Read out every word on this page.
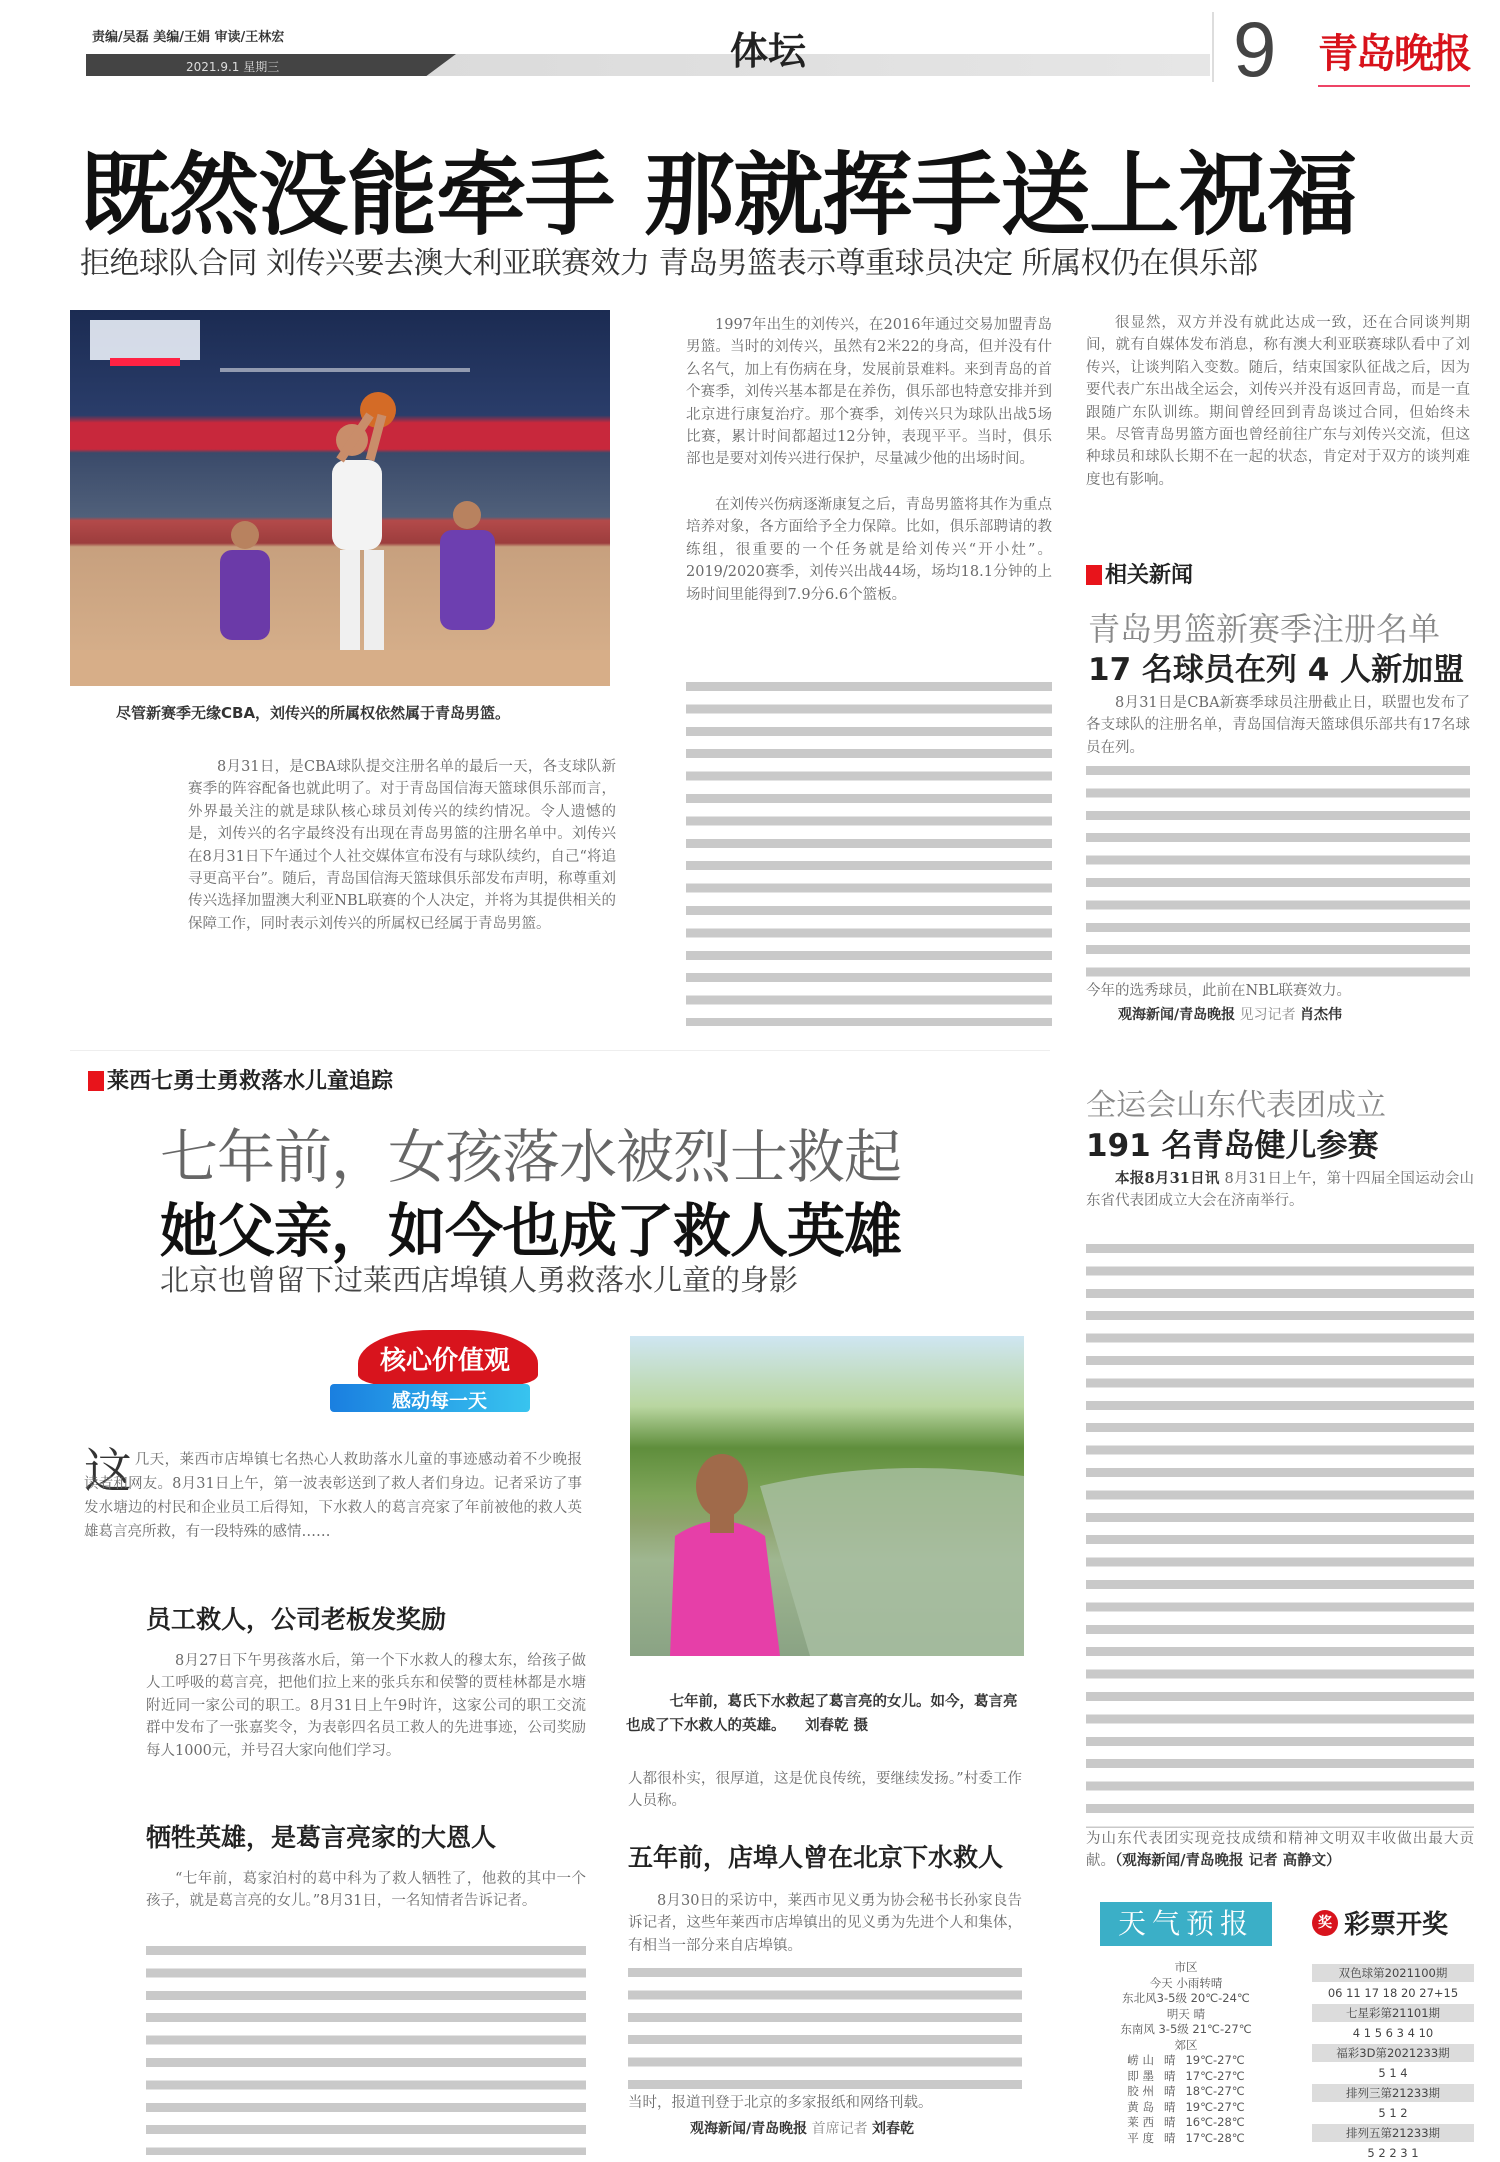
责编/吴磊 美编/王娟 审读/王林宏
2021.9.1 星期三	体坛	9 青岛晚报
既然没能牵手 那就挥手送上祝福
拒绝球队合同 刘传兴要去澳大利亚联赛效力 青岛男篮表示尊重球员决定 所属权仍在俱乐部
尽管新赛季无缘CBA，刘传兴的所属权依然属于青岛男篮。
8月31日，是CBA球队提交注册名单的最后一天，各支球队新赛季的阵容配备也就此明了。对于青岛国信海天篮球俱乐部而言，外界最关注的就是球队核心球员刘传兴的续约情况。令人遗憾的是，刘传兴的名字最终没有出现在青岛男篮的注册名单中。刘传兴在8月31日下午通过个人社交媒体宣布没有与球队续约，自己“将追寻更高平台”。随后，青岛国信海天篮球俱乐部发布声明，称尊重刘传兴选择加盟澳大利亚NBL联赛的个人决定，并将为其提供相关的保障工作，同时表示刘传兴的所属权已经属于青岛男篮。
1997年出生的刘传兴，在2016年通过交易加盟青岛男篮。当时的刘传兴，虽然有2米22的身高，但并没有什么名气，加上有伤病在身，发展前景难料。来到青岛的首个赛季，刘传兴基本都是在养伤，俱乐部也特意安排并到北京进行康复治疗。那个赛季，刘传兴只为球队出战5场比赛，累计时间都超过12分钟，表现平平。当时，俱乐部也是要对刘传兴进行保护，尽量减少他的出场时间。
在刘传兴伤病逐渐康复之后，青岛男篮将其作为重点培养对象，各方面给予全力保障。比如，俱乐部聘请的教练组，很重要的一个任务就是给刘传兴“开小灶”。2019/2020赛季，刘传兴出战44场，场均18.1分钟的上场时间里能得到7.9分6.6个篮板。
很显然，双方并没有就此达成一致，还在合同谈判期间，就有自媒体发布消息，称有澳大利亚联赛球队看中了刘传兴，让谈判陷入变数。随后，结束国家队征战之后，因为要代表广东出战全运会，刘传兴并没有返回青岛，而是一直跟随广东队训练。期间曾经回到青岛谈过合同，但始终未果。尽管青岛男篮方面也曾经前往广东与刘传兴交流，但这种球员和球队长期不在一起的状态，肯定对于双方的谈判难度也有影响。
相关新闻
青岛男篮新赛季注册名单
17 名球员在列 4 人新加盟
8月31日是CBA新赛季球员注册截止日，联盟也发布了各支球队的注册名单，青岛国信海天篮球俱乐部共有17名球员在列。
今年的选秀球员，此前在NBL联赛效力。
观海新闻/青岛晚报 见习记者 肖杰伟
莱西七勇士勇救落水儿童追踪
七年前，女孩落水被烈士救起
她父亲，如今也成了救人英雄
北京也曾留下过莱西店埠镇人勇救落水儿童的身影
核心价值观
感动每一天
这 几天，莱西市店埠镇七名热心人救助落水儿童的事迹感动着不少晚报读者和网友。8月31日上午，第一波表彰送到了救人者们身边。记者采访了事发水塘边的村民和企业员工后得知，下水救人的葛言亮家了年前被他的救人英雄葛言亮所救，有一段特殊的感情……
员工救人，公司老板发奖励
8月27日下午男孩落水后，第一个下水救人的穆太东，给孩子做人工呼吸的葛言亮，把他们拉上来的张兵东和侯警的贾桂林都是水塘附近同一家公司的职工。8月31日上午9时许，这家公司的职工交流群中发布了一张嘉奖令，为表彰四名员工救人的先进事迹，公司奖励每人1000元，并号召大家向他们学习。
牺牲英雄，是葛言亮家的大恩人
“七年前，葛家泊村的葛中科为了救人牺牲了，他救的其中一个孩子，就是葛言亮的女儿。”8月31日，一名知情者告诉记者。
七年前，葛氏下水救起了葛言亮的女儿。如今，葛言亮也成了下水救人的英雄。 刘春乾 摄
人都很朴实，很厚道，这是优良传统，要继续发扬。”村委工作人员称。
五年前，店埠人曾在北京下水救人
8月30日的采访中，莱西市见义勇为协会秘书长孙家良告诉记者，这些年莱西市店埠镇出的见义勇为先进个人和集体，有相当一部分来自店埠镇。
当时，报道刊登于北京的多家报纸和网络刊载。
观海新闻/青岛晚报 首席记者 刘春乾
全运会山东代表团成立
191 名青岛健儿参赛
本报8月31日讯 8月31日上午，第十四届全国运动会山东省代表团成立大会在济南举行。
为山东代表团实现竞技成绩和精神文明双丰收做出最大贡献。（观海新闻/青岛晚报 记者 高静文）
天气预报
市区
今天 小雨转晴
东北风3-5级 20℃-24℃
明天 晴
东南风 3-5级 21℃-27℃
郊区
崂 山 晴 19℃-27℃
即 墨 晴 17℃-27℃
胶 州 晴 18℃-27℃
黄 岛 晴 19℃-27℃
莱 西 晴 16℃-28℃
平 度 晴 17℃-28℃
奖 彩票开奖
双色球第2021100期
06 11 17 18 20 27+15
七星彩第21101期
4 1 5 6 3 4 10
福彩3D第2021233期
5 1 4
排列三第21233期
5 1 2
排列五第21233期
5 2 2 3 1
